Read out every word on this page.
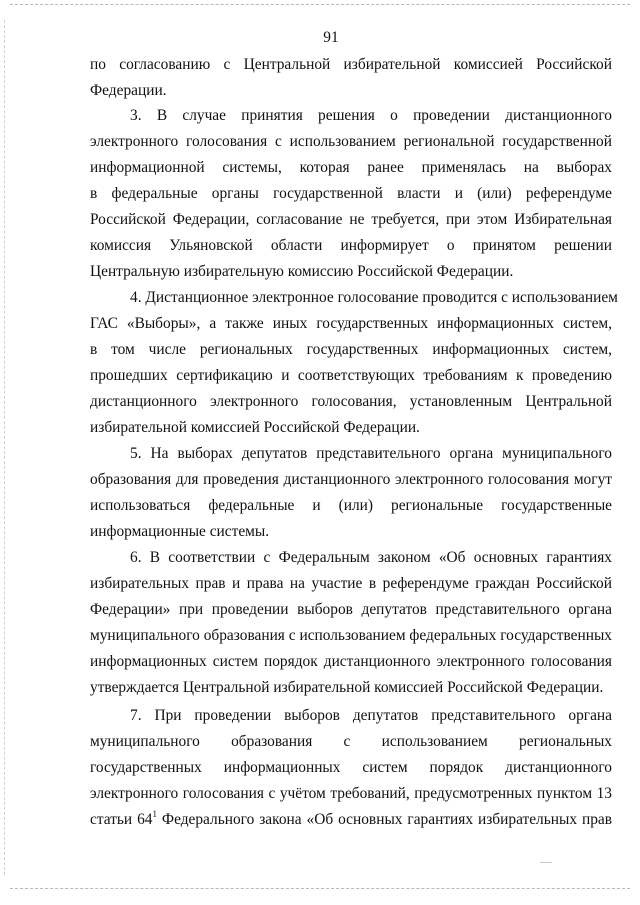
91
по согласованию с Центральной избирательной комиссией Российской
Федерации.
3. В случае принятия решения о проведении дистанционного
электронного голосования с использованием региональной государственной
информационной системы, которая ранее применялась на выборах
в федеральные органы государственной власти и (или) референдуме
Российской Федерации, согласование не требуется, при этом Избирательная
комиссия Ульяновской области информирует о принятом решении
Центральную избирательную комиссию Российской Федерации.
4. Дистанционное электронное голосование проводится с использованием
ГАС «Выборы», а также иных государственных информационных систем,
в том числе региональных государственных информационных систем,
прошедших сертификацию и соответствующих требованиям к проведению
дистанционного электронного голосования, установленным Центральной
избирательной комиссией Российской Федерации.
5. На выборах депутатов представительного органа муниципального
образования для проведения дистанционного электронного голосования могут
использоваться федеральные и (или) региональные государственные
информационные системы.
6. В соответствии с Федеральным законом «Об основных гарантиях
избирательных прав и права на участие в референдуме граждан Российской
Федерации» при проведении выборов депутатов представительного органа
муниципального образования с использованием федеральных государственных
информационных систем порядок дистанционного электронного голосования
утверждается Центральной избирательной комиссией Российской Федерации.
7. При проведении выборов депутатов представительного органа
муниципального образования с использованием региональных
государственных информационных систем порядок дистанционного
электронного голосования с учётом требований, предусмотренных пунктом 13
статьи $64^1$ Федерального закона «Об основных гарантиях избирательных прав
